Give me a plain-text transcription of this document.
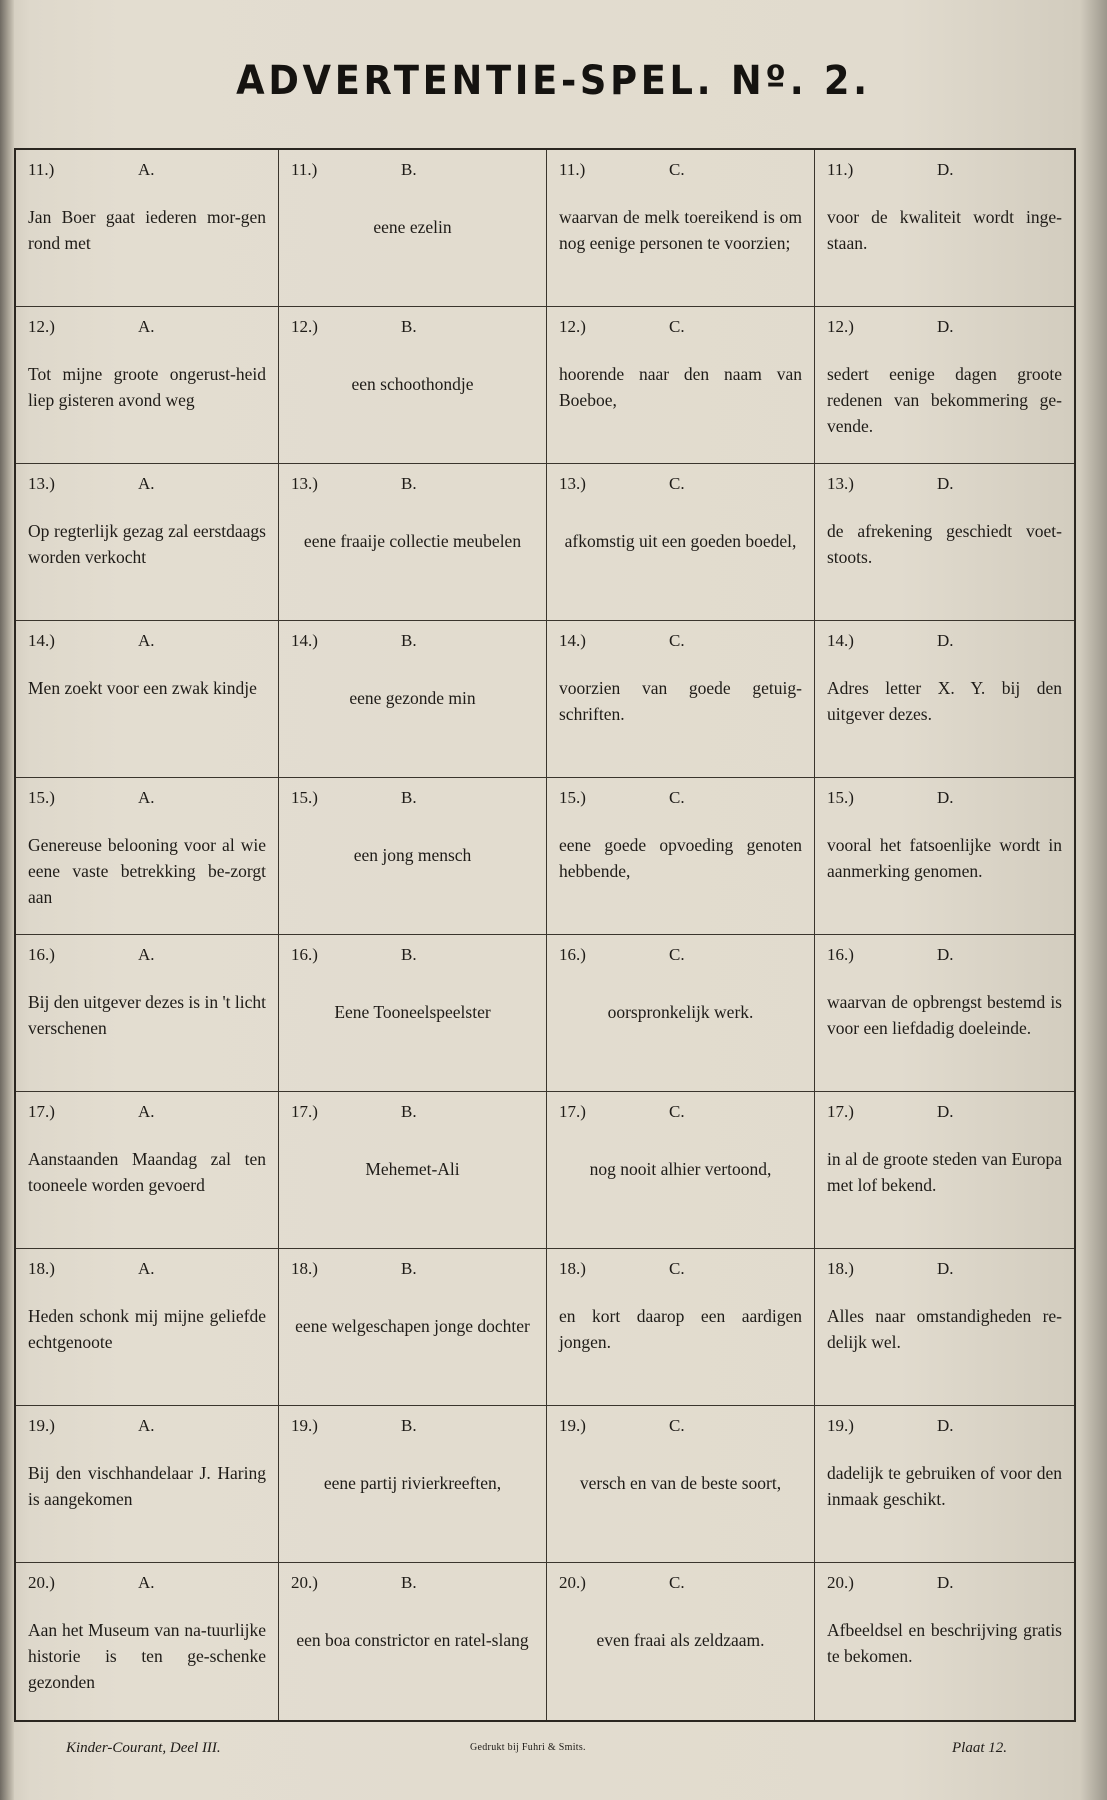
ADVERTENTIE-SPEL. Nº. 2.
11.)	A.
Jan Boer gaat iederen mor-gen rond met
11.)	B.
eene ezelin
11.)	C.
waarvan de melk toereikend is om nog eenige personen te voorzien;
11.)	D.
voor de kwaliteit wordt inge-staan.
12.)	A.
Tot mijne groote ongerust-heid liep gisteren avond weg
12.)	B.
een schoothondje
12.)	C.
hoorende naar den naam van Boeboe,
12.)	D.
sedert eenige dagen groote redenen van bekommering ge-vende.
13.)	A.
Op regterlijk gezag zal eerstdaags worden verkocht
13.)	B.
eene fraaije collectie meubelen
13.)	C.
afkomstig uit een goeden boedel,
13.)	D.
de afrekening geschiedt voet-stoots.
14.)	A.
Men zoekt voor een zwak kindje
14.)	B.
eene gezonde min
14.)	C.
voorzien van goede getuig-schriften.
14.)	D.
Adres letter X. Y. bij den uitgever dezes.
15.)	A.
Genereuse belooning voor al wie eene vaste betrekking be-zorgt aan
15.)	B.
een jong mensch
15.)	C.
eene goede opvoeding genoten hebbende,
15.)	D.
vooral het fatsoenlijke wordt in aanmerking genomen.
16.)	A.
Bij den uitgever dezes is in 't licht verschenen
16.)	B.
Eene Tooneelspeelster
16.)	C.
oorspronkelijk werk.
16.)	D.
waarvan de opbrengst bestemd is voor een liefdadig doeleinde.
17.)	A.
Aanstaanden Maandag zal ten tooneele worden gevoerd
17.)	B.
Mehemet-Ali
17.)	C.
nog nooit alhier vertoond,
17.)	D.
in al de groote steden van Europa met lof bekend.
18.)	A.
Heden schonk mij mijne geliefde echtgenoote
18.)	B.
eene welgeschapen jonge dochter
18.)	C.
en kort daarop een aardigen jongen.
18.)	D.
Alles naar omstandigheden re-delijk wel.
19.)	A.
Bij den vischhandelaar J. Haring is aangekomen
19.)	B.
eene partij rivierkreeften,
19.)	C.
versch en van de beste soort,
19.)	D.
dadelijk te gebruiken of voor den inmaak geschikt.
20.)	A.
Aan het Museum van na-tuurlijke historie is ten ge-schenke gezonden
20.)	B.
een boa constrictor en ratel-slang
20.)	C.
even fraai als zeldzaam.
20.)	D.
Afbeeldsel en beschrijving gratis te bekomen.
Kinder-Courant, Deel III.	Gedrukt bij Fuhri & Smits.	Plaat 12.
